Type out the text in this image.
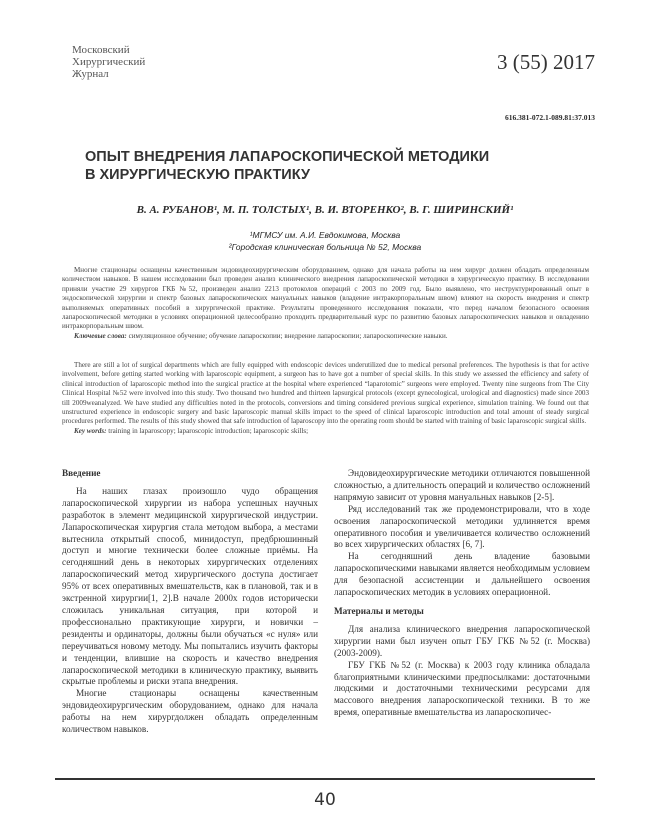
Московский
Хирургический
Журнал	3 (55) 2017
616.381-072.1-089.81:37.013
ОПЫТ ВНЕДРЕНИЯ ЛАПАРОСКОПИЧЕСКОЙ МЕТОДИКИ
В ХИРУРГИЧЕСКУЮ ПРАКТИКУ
В. А. РУБАНОВ¹, М. П. ТОЛСТЫХ¹, В. И. ВТОРЕНКО², В. Г. ШИРИНСКИЙ¹
¹МГМСУ им. А.И. Евдокимова, Москва
²Городская клиническая больница № 52, Москва

Многие стационары оснащены качественным эндовидеохирургическим оборудованием, однако для начала работы на нем хирург должен обладать определенным количеством навыков. В нашем исследовании был проведен анализ клинического внедрения лапароскопической методики в хирургическую практику. В исследовании приняли участие 29 хирургов ГКБ №52, произведен анализ 2213 протоколов операций с 2003 по 2009 год. Было выявлено, что неструктурированный опыт в эндоскопической хирургии и спектр базовых лапароскопических мануальных навыков (владение интракорпоральным швом) влияют на скорость внедрения и спектр выполняемых оперативных пособий в хирургической практике. Результаты проведенного исследования показали, что перед началом безопасного освоения лапароскопической методики в условиях операционной целесообразно проходить предварительный курс по развитию базовых лапароскопических навыков и овладению интракорпоральным швом.

Ключевые слова: симуляционное обучение; обучение лапароскопии; внедрение лапароскопии; лапароскопические навыки.

There are still a lot of surgical departments which are fully equipped with endoscopic devices underutilized due to medical personal preferences. The hypothesis is that for active involvement, before getting started working with laparoscopic equipment, a surgeon has to have got a number of special skills. In this study we assessed the efficiency and safety of clinical introduction of laparoscopic method into the surgical practice at the hospital where experienced “laparotomic” surgeons were employed. Twenty nine surgeons from The City Clinical Hospital №52 were involved into this study. Two thousand two hundred and thirteen lapsurgical protocols (except gynecological, urological and diagnostics) made since 2003 till 2009weanalyzed. We have studied any difficulties noted in the protocols, conversions and timing considered previous surgical experience, simulation training. We found out that unstructured experience in endoscopic surgery and basic laparoscopic manual skills impact to the speed of clinical laparoscopic introduction and total amount of steady surgical procedures performed. The results of this study showed that safe introduction of laparoscopy into the operating room should be started with training of basic laparoscopic surgical skills.

Key words: training in laparoscopy; laparoscopic introduction; laparoscopic skills;
Введение

На наших глазах произошло чудо обращения лапароскопической хирургии из набора успешных научных разработок в элемент медицинской хирургической индустрии. Лапароскопическая хирургия стала методом выбора, а местами вытеснила открытый способ, минидоступ, предбрюшинный доступ и многие технически более сложные приёмы. На сегодняшний день в некоторых хирургических отделениях лапароскопический метод хирургического доступа достигает 95% от всех оперативных вмешательств, как в плановой, так и в экстренной хирургии[1, 2].В начале 2000х годов исторически сложилась уникальная ситуация, при которой и профессионально практикующие хирурги, и новички – резиденты и ординаторы, должны были обучаться «с нуля» или переучиваться новому методу. Мы попытались изучить факторы и тенденции, влившие на скорость и качество внедрения лапароскопической методики в клиническую практику, выявить скрытые проблемы и риски этапа внедрения.

Многие стационары оснащены качественным эндовидеохирургическим оборудованием, однако для начала работы на нем хирургдолжен обладать определенным количеством навыков.

Эндовидеохирургические методики отличаются повышенной сложностью, а длительность операций и количество осложнений напрямую зависит от уровня мануальных навыков [2-5].

Ряд исследований так же продемонстрировали, что в ходе освоения лапароскопической методики удлиняется время оперативного пособия и увеличивается количество осложнений во всех хирургических областях [6, 7].

На сегодняшний день владение базовыми лапароскопическими навыками является необходимым условием для безопасной ассистенции и дальнейшего освоения лапароскопических методик в условиях операционной.

Материалы и методы

Для анализа клинического внедрения лапароскопической хирургии нами был изучен опыт ГБУ ГКБ №52 (г. Москва) (2003-2009).

ГБУ ГКБ №52 (г. Москва) к 2003 году клиника обладала благоприятными клиническими предпосылками: достаточными людскими и достаточными техническими ресурсами для массового внедрения лапароскопической техники. В то же время, оперативные вмешательства из лапароскопичес-

40
